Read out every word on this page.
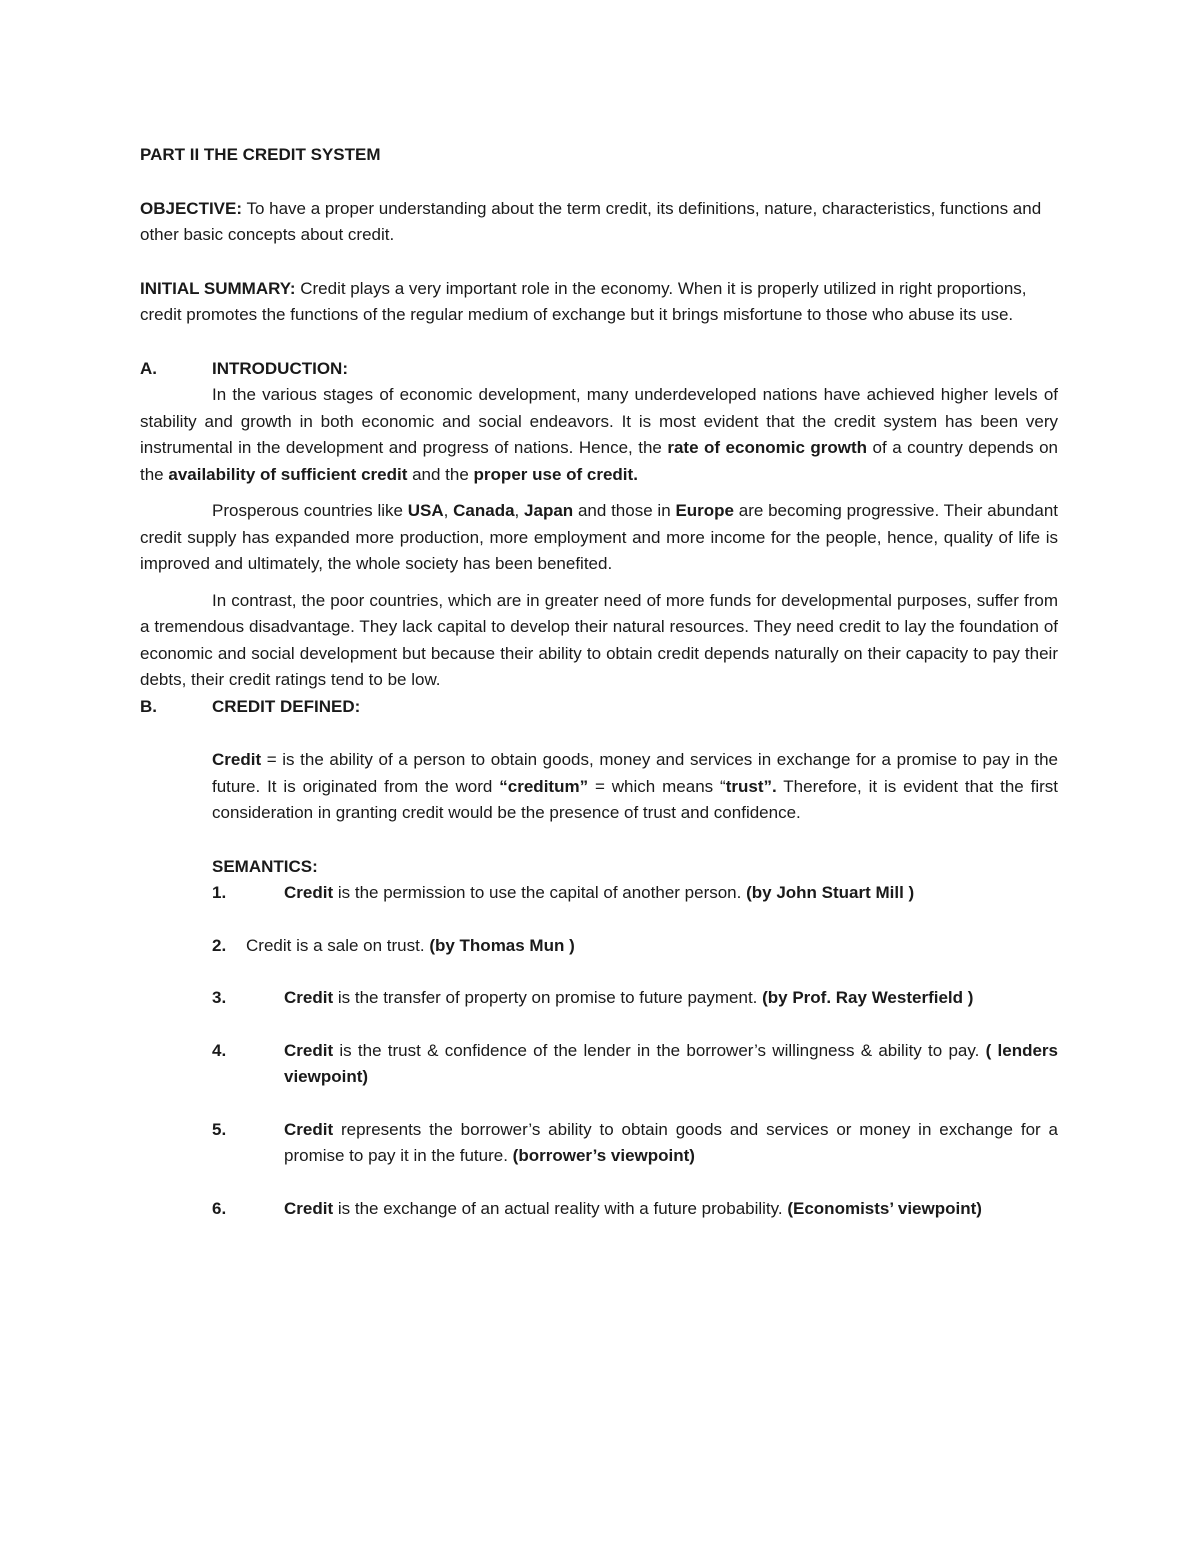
PART II THE CREDIT SYSTEM

OBJECTIVE: To have a proper understanding about the term credit, its definitions, nature, characteristics, functions and other basic concepts about credit.

INITIAL SUMMARY: Credit plays a very important role in the economy. When it is properly utilized in right proportions, credit promotes the functions of the regular medium of exchange but it brings misfortune to those who abuse its use.

A.	INTRODUCTION:

In the various stages of economic development, many underdeveloped nations have achieved higher levels of stability and growth in both economic and social endeavors. It is most evident that the credit system has been very instrumental in the development and progress of nations. Hence, the rate of economic growth of a country depends on the availability of sufficient credit and the proper use of credit.

Prosperous countries like USA, Canada, Japan and those in Europe are becoming progressive. Their abundant credit supply has expanded more production, more employment and more income for the people, hence, quality of life is improved and ultimately, the whole society has been benefited.

In contrast, the poor countries, which are in greater need of more funds for developmental purposes, suffer from a tremendous disadvantage. They lack capital to develop their natural resources. They need credit to lay the foundation of economic and social development but because their ability to obtain credit depends naturally on their capacity to pay their debts, their credit ratings tend to be low.

B.	CREDIT DEFINED:

Credit = is the ability of a person to obtain goods, money and services in exchange for a promise to pay in the future. It is originated from the word “creditum” = which means “trust”. Therefore, it is evident that the first consideration in granting credit would be the presence of trust and confidence.

SEMANTICS:

1.	Credit is the permission to use the capital of another person. (by John Stuart Mill )
2.	Credit is a sale on trust. (by Thomas Mun )
3.	Credit is the transfer of property on promise to future payment. (by Prof. Ray Westerfield )
4.	Credit is the trust & confidence of the lender in the borrower’s willingness & ability to pay. ( lenders viewpoint)
5.	Credit represents the borrower’s ability to obtain goods and services or money in exchange for a promise to pay it in the future. (borrower’s viewpoint)
6.	Credit is the exchange of an actual reality with a future probability. (Economists’ viewpoint)
